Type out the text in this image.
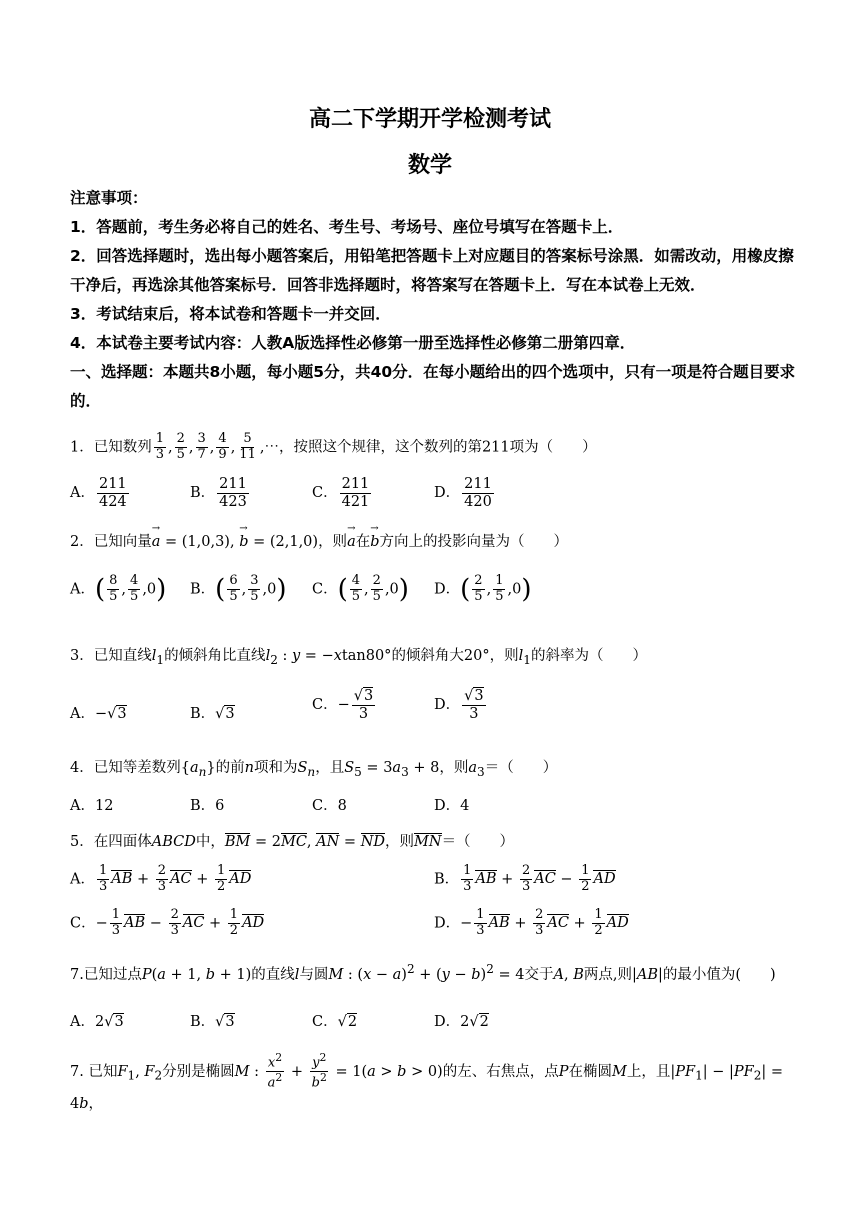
高二下学期开学检测考试
数学
注意事项：
1．答题前，考生务必将自己的姓名、考生号、考场号、座位号填写在答题卡上．
2．回答选择题时，选出每小题答案后，用铅笔把答题卡上对应题目的答案标号涂黑．如需改动，用橡皮擦干净后，再选涂其他答案标号．回答非选择题时，将答案写在答题卡上．写在本试卷上无效．
3．考试结束后，将本试卷和答题卡一并交回．
4．本试卷主要考试内容：人教A版选择性必修第一册至选择性必修第二册第四章．
一、选择题：本题共8小题，每小题5分，共40分．在每小题给出的四个选项中，只有一项是符合题目要求的．
1．已知数列 $\frac{1}{3}$ , $\frac{2}{5}$ , $\frac{3}{7}$ , $\frac{4}{9}$ , $\frac{5}{11}$ ,⋯，按照这个规律，这个数列的第211项为（　　）
A． $\frac{211}{424}$	B． $\frac{211}{423}$	C． $\frac{211}{421}$	D． $\frac{211}{420}$
2．已知向量→ a = (1,0,3), → b = (2,1,0)，则→ a在→ b方向上的投影向量为（　　）
A．( $\frac{8}{5}$ , $\frac{4}{5} ,0$) B．( $\frac{6}{5}$ , $\frac{3}{5} ,0$) C．( $\frac{4}{5}$ , $\frac{2}{5} ,0$) D．( $\frac{2}{5}$ , $\frac{1}{5} ,0$)
3．已知直线$l_1$的倾斜角比直线$l_2$ : y = −xtan80°的倾斜角大20°，则$l_1$的斜率为（　　）
A．−√3	B．√3
C．− $\frac{√3}{3}$	D． $\frac{√3}{3}$
4．已知等差数列$\{a_n\}$的前n项和为$S_n$，且$S_5 = 3a_3 + 8$，则$a_3=$（　　）
A．12	B．6	C．8	D．4
5．在四面体ABCD中，BM = 2MC, AN = ND，则MN＝（　　）
A． $\frac{1}{3}$ AB + $\frac{2}{3}$ AC + $\frac{1}{2}$ AD	B． $\frac{1}{3}$ AB + $\frac{2}{3}$ AC − $\frac{1}{2}$ AD
C．− $\frac{1}{3}$ AB − $\frac{2}{3}$ AC + $\frac{1}{2}$ AD	D．− $\frac{1}{3}$ AB + $\frac{2}{3}$ AC + $\frac{1}{2}$ AD
7.已知过点P(a + 1, b + 1)的直线l与圆M : $(x - a)^2 + (y - b)^2 = 4$交于A, B两点,则|AB|的最小值为(　　)
A．2√3	B．√3	C．√2	D．2√2
7. 已知$F_1$, $F_2$分别是椭圆M : $\frac{x^2}{a^2} + \frac{y^2}{b^2} = 1(a > b > 0)$的左、右焦点，点P在椭圆M上，且$|PF_1| - |PF_2| = 4b$，
